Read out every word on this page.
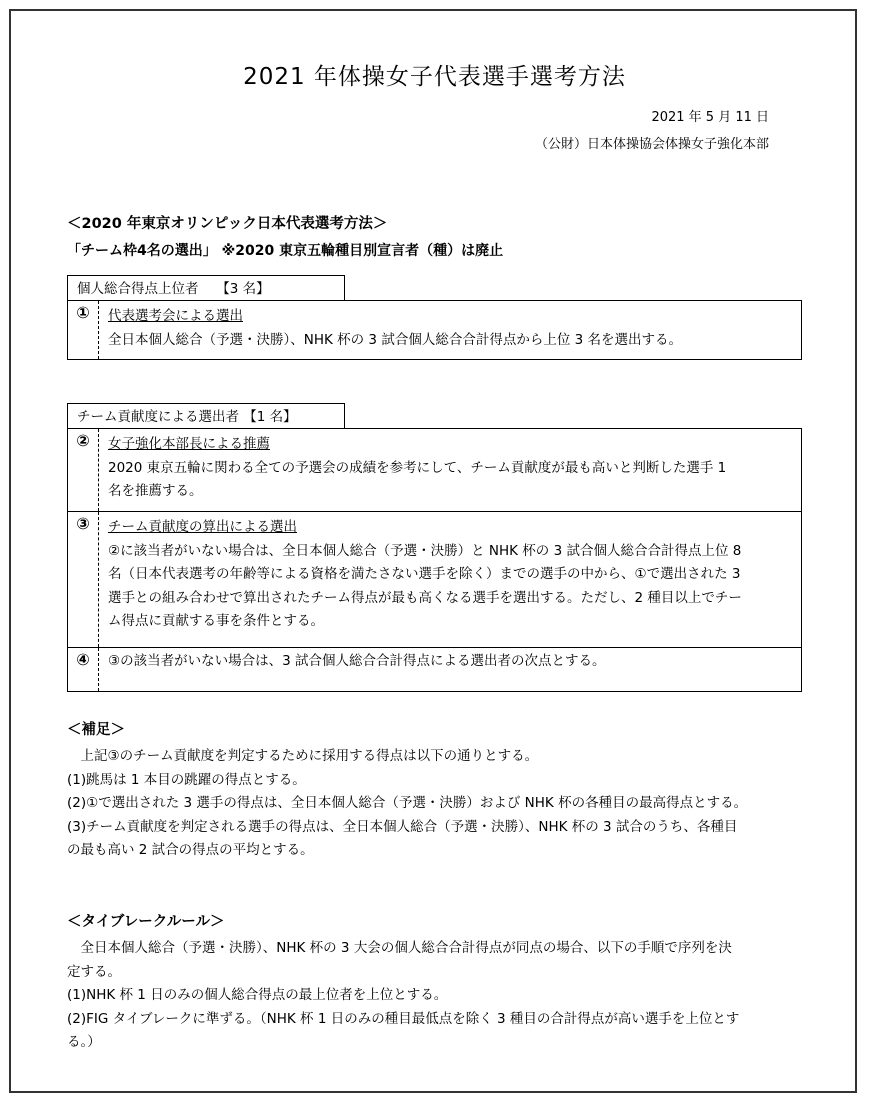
2021 年体操女子代表選手選考方法
2021 年 5 月 11 日
（公財）日本体操協会体操女子強化本部
＜2020 年東京オリンピック日本代表選考方法＞
「チーム枠4名の選出」 ※2020 東京五輪種目別宣言者（種）は廃止
個人総合得点上位者　 【3 名】
①	代表選考会による選出

全日本個人総合（予選・決勝）、NHK 杯の 3 試合個人総合合計得点から上位 3 名を選出する。

チーム貢献度による選出者 【1 名】
②	女子強化本部長による推薦

2020 東京五輪に関わる全ての予選会の成績を参考にして、チーム貢献度が最も高いと判断した選手 1

名を推薦する。

③	チーム貢献度の算出による選出

②に該当者がいない場合は、全日本個人総合（予選・決勝）と NHK 杯の 3 試合個人総合合計得点上位 8

名（日本代表選考の年齢等による資格を満たさない選手を除く）までの選手の中から、①で選出された 3

選手との組み合わせで算出されたチーム得点が最も高くなる選手を選出する。ただし、2 種目以上でチー

ム得点に貢献する事を条件とする。

④	③の該当者がいない場合は、3 試合個人総合合計得点による選出者の次点とする。

＜補足＞

　上記③のチーム貢献度を判定するために採用する得点は以下の通りとする。

(1)跳馬は 1 本目の跳躍の得点とする。

(2)①で選出された 3 選手の得点は、全日本個人総合（予選・決勝）および NHK 杯の各種目の最高得点とする。

(3)チーム貢献度を判定される選手の得点は、全日本個人総合（予選・決勝）、NHK 杯の 3 試合のうち、各種目

の最も高い 2 試合の得点の平均とする。

＜タイブレークルール＞

　全日本個人総合（予選・決勝）、NHK 杯の 3 大会の個人総合合計得点が同点の場合、以下の手順で序列を決

定する。

(1)NHK 杯 1 日のみの個人総合得点の最上位者を上位とする。

(2)FIG タイブレークに準ずる。（NHK 杯 1 日のみの種目最低点を除く 3 種目の合計得点が高い選手を上位とす

る。）
